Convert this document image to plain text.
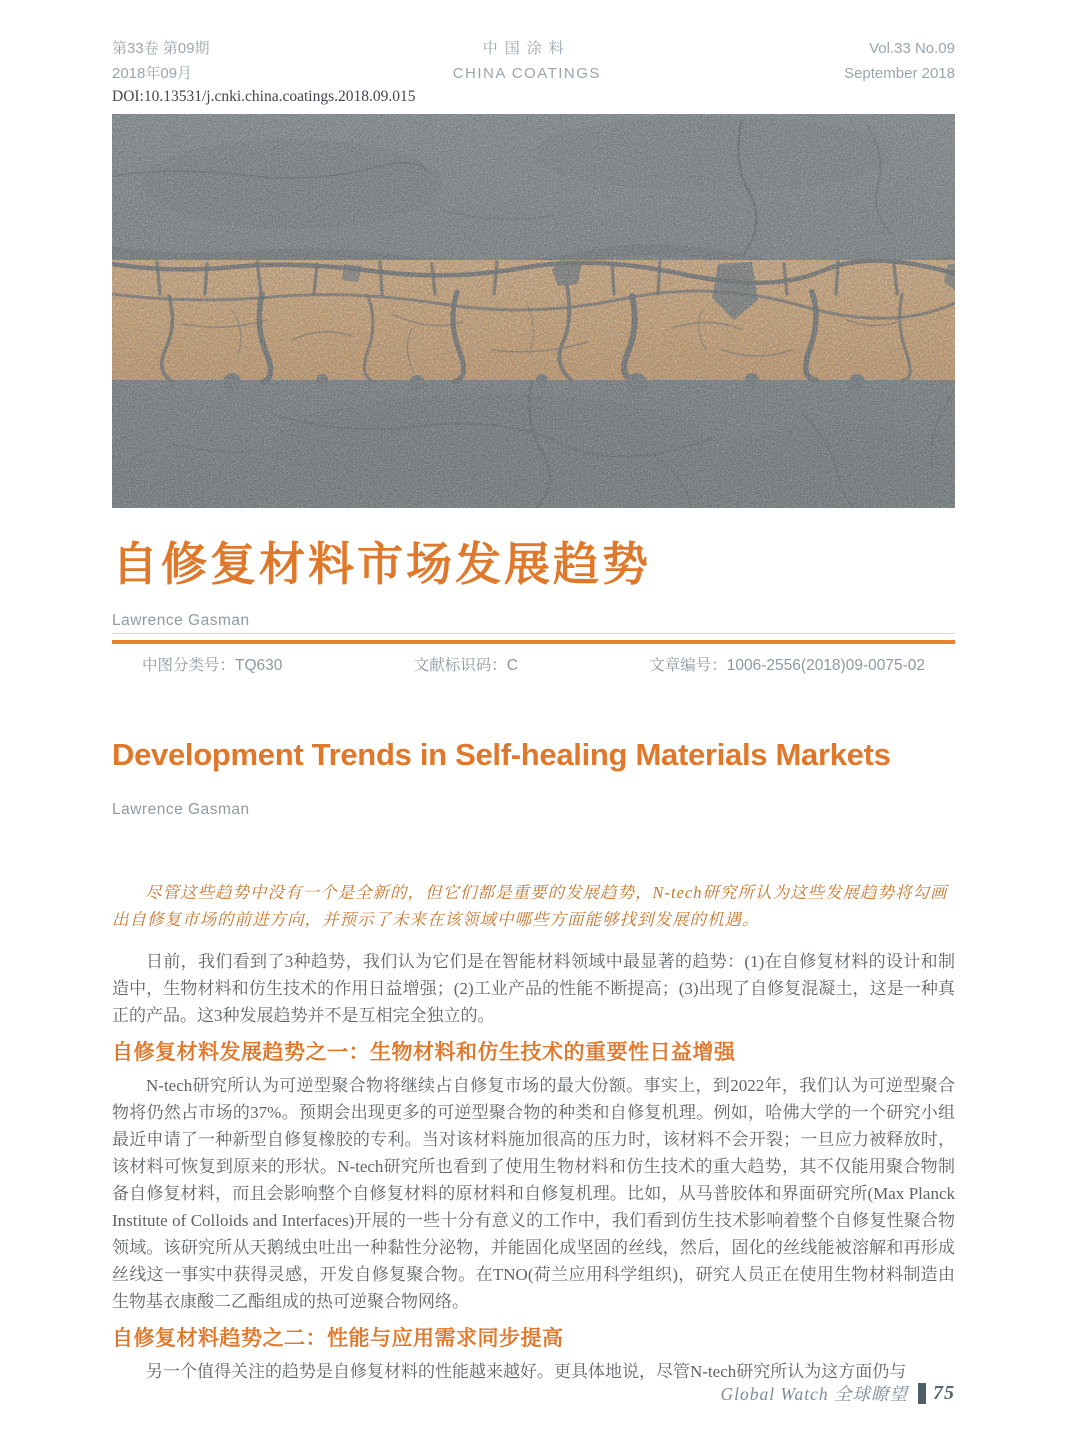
第33卷 第09期
2018年09月
中国涂料
CHINA COATINGS
Vol.33 No.09
September 2018
DOI:10.13531/j.cnki.china.coatings.2018.09.015
自修复材料市场发展趋势
Lawrence Gasman
中图分类号：TQ630	文献标识码：C	文章编号：1006-2556(2018)09-0075-02
Development Trends in Self-healing Materials Markets
Lawrence Gasman

尽管这些趋势中没有一个是全新的，但它们都是重要的发展趋势，N-tech研究所认为这些发展趋势将勾画出自修复市场的前进方向，并预示了未来在该领域中哪些方面能够找到发展的机遇。

日前，我们看到了3种趋势，我们认为它们是在智能材料领域中最显著的趋势：(1)在自修复材料的设计和制造中，生物材料和仿生技术的作用日益增强；(2)工业产品的性能不断提高；(3)出现了自修复混凝土，这是一种真正的产品。这3种发展趋势并不是互相完全独立的。

自修复材料发展趋势之一：生物材料和仿生技术的重要性日益增强

N-tech研究所认为可逆型聚合物将继续占自修复市场的最大份额。事实上，到2022年，我们认为可逆型聚合物将仍然占市场的37%。预期会出现更多的可逆型聚合物的种类和自修复机理。例如，哈佛大学的一个研究小组最近申请了一种新型自修复橡胶的专利。当对该材料施加很高的压力时，该材料不会开裂；一旦应力被释放时，该材料可恢复到原来的形状。N-tech研究所也看到了使用生物材料和仿生技术的重大趋势，其不仅能用聚合物制备自修复材料，而且会影响整个自修复材料的原材料和自修复机理。比如，从马普胶体和界面研究所(Max Planck Institute of Colloids and Interfaces)开展的一些十分有意义的工作中，我们看到仿生技术影响着整个自修复性聚合物领域。该研究所从天鹅绒虫吐出一种黏性分泌物，并能固化成坚固的丝线，然后，固化的丝线能被溶解和再形成丝线这一事实中获得灵感，开发自修复聚合物。在TNO(荷兰应用科学组织)，研究人员正在使用生物材料制造由生物基衣康酸二乙酯组成的热可逆聚合物网络。

自修复材料趋势之二：性能与应用需求同步提高

另一个值得关注的趋势是自修复材料的性能越来越好。更具体地说，尽管N-tech研究所认为这方面仍与

Global Watch 全球瞭望 75
